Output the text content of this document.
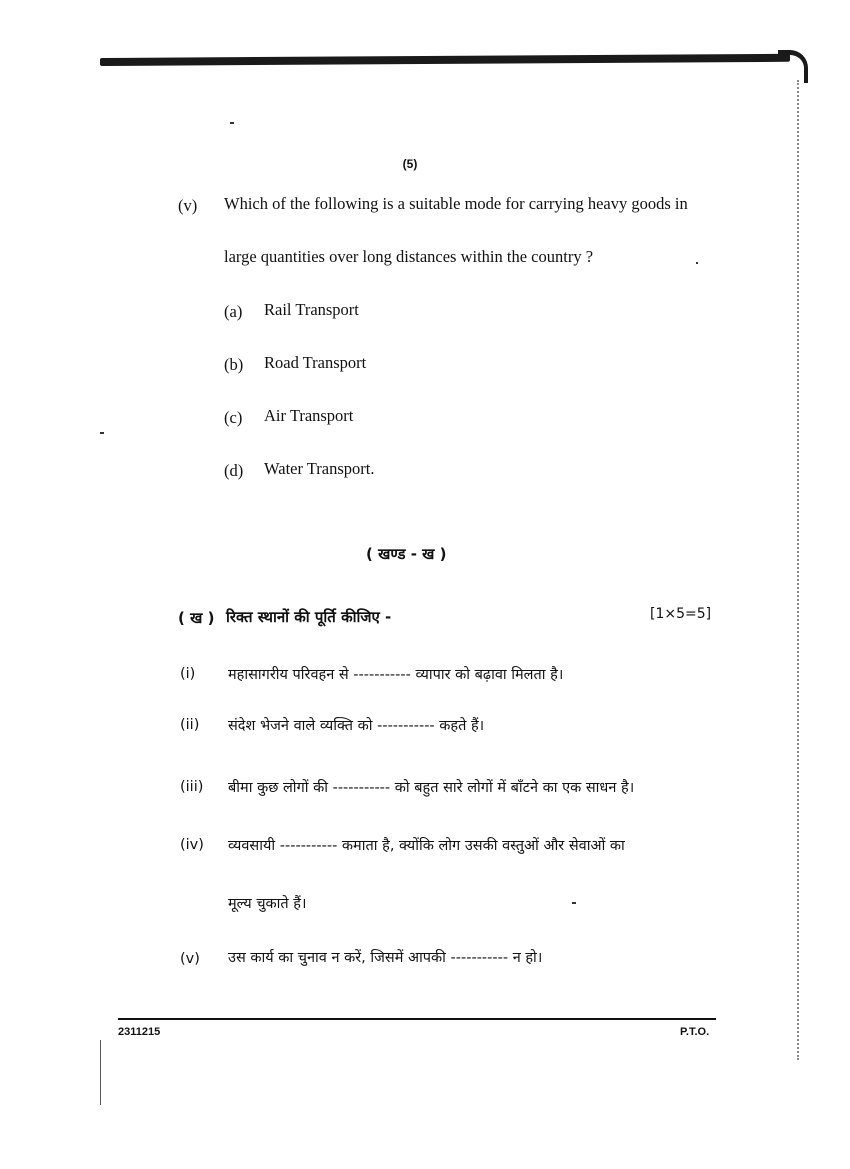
(5)
(v) Which of the following is a suitable mode for carrying heavy goods in
large quantities over long distances within the country ?
(a) Rail Transport
(b) Road Transport
(c) Air Transport
(d) Water Transport.
( खण्ड - ख )
( ख ) रिक्त स्थानों की पूर्ति कीजिए -	[1×5=5]
(i) महासागरीय परिवहन से ----------- व्यापार को बढ़ावा मिलता है।
(ii) संदेश भेजने वाले व्यक्ति को ----------- कहते हैं।
(iii) बीमा कुछ लोगों की ----------- को बहुत सारे लोगों में बाँटने का एक साधन है।
(iv) व्यवसायी ----------- कमाता है, क्योंकि लोग उसकी वस्तुओं और सेवाओं का
मूल्य चुकाते हैं।
(v) उस कार्य का चुनाव न करें, जिसमें आपकी ----------- न हो।
2311215	P.T.O.
